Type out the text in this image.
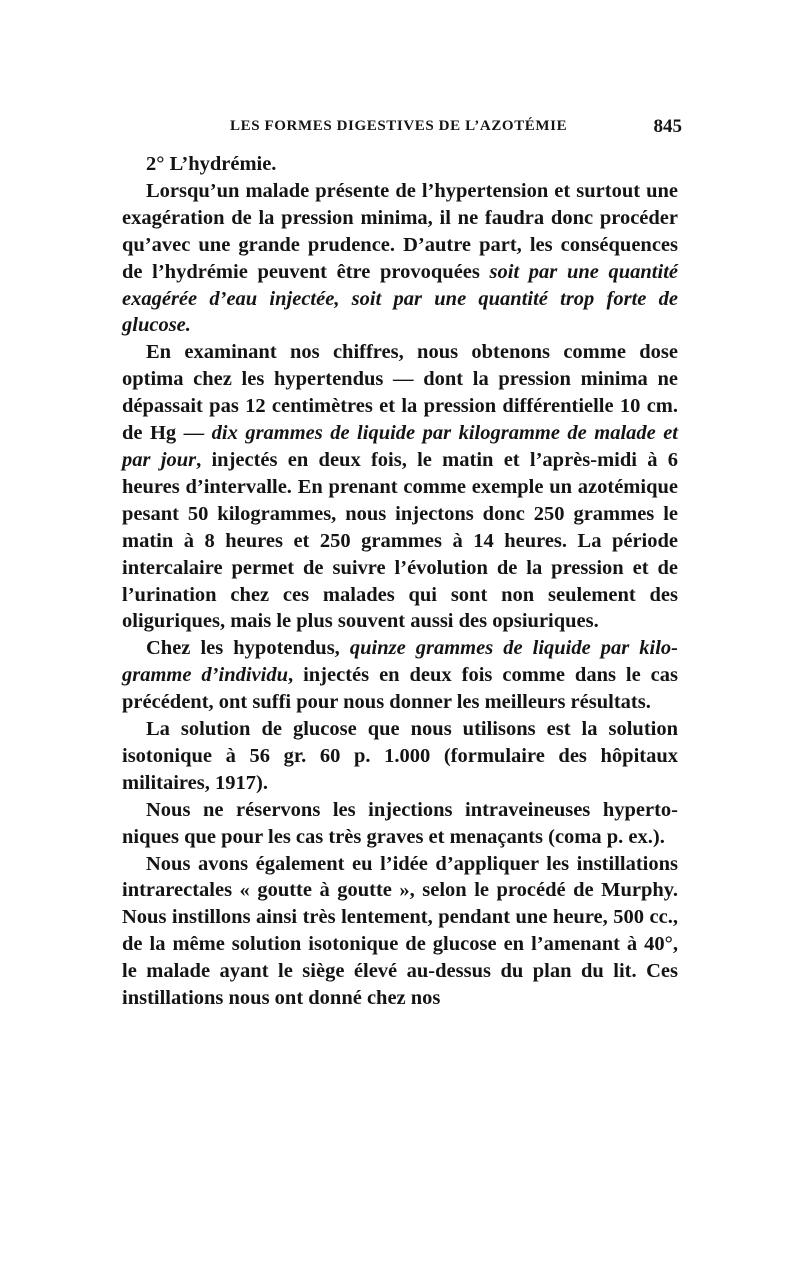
LES FORMES DIGESTIVES DE L’AZOTÉMIE	845

2° L’hydrémie.

Lorsqu’un malade présente de l’hypertension et surtout une exagération de la pression minima, il ne faudra donc procéder qu’avec une grande prudence. D’autre part, les conséquences de l’hydrémie peuvent être provoquées soit par une quantité exagérée d’eau injectée, soit par une quantité trop forte de glucose.

En examinant nos chiffres, nous obtenons comme dose optima chez les hypertendus — dont la pression minima ne dépassait pas 12 centimètres et la pression différentielle 10 cm. de Hg — dix grammes de liquide par kilogramme de malade et par jour, injectés en deux fois, le matin et l’après-midi à 6 heures d’intervalle. En prenant comme exemple un azotémique pesant 50 kilogrammes, nous injectons donc 250 grammes le matin à 8 heures et 250 grammes à 14 heures. La période intercalaire permet de suivre l’évolution de la pression et de l’urination chez ces malades qui sont non seulement des oliguriques, mais le plus souvent aussi des opsiuriques.

Chez les hypotendus, quinze grammes de liquide par kilogramme d’individu, injectés en deux fois comme dans le cas précédent, ont suffi pour nous donner les meilleurs résultats.

La solution de glucose que nous utilisons est la solution isotonique à 56 gr. 60 p. 1.000 (formulaire des hôpitaux militaires, 1917).

Nous ne réservons les injections intraveineuses hypertoniques que pour les cas très graves et menaçants (coma p. ex.).

Nous avons également eu l’idée d’appliquer les instillations intrarectales « goutte à goutte », selon le procédé de Murphy. Nous instillons ainsi très lentement, pendant une heure, 500 cc., de la même solution isotonique de glucose en l’amenant à 40°, le malade ayant le siège élevé au-dessus du plan du lit. Ces instillations nous ont donné chez nos
